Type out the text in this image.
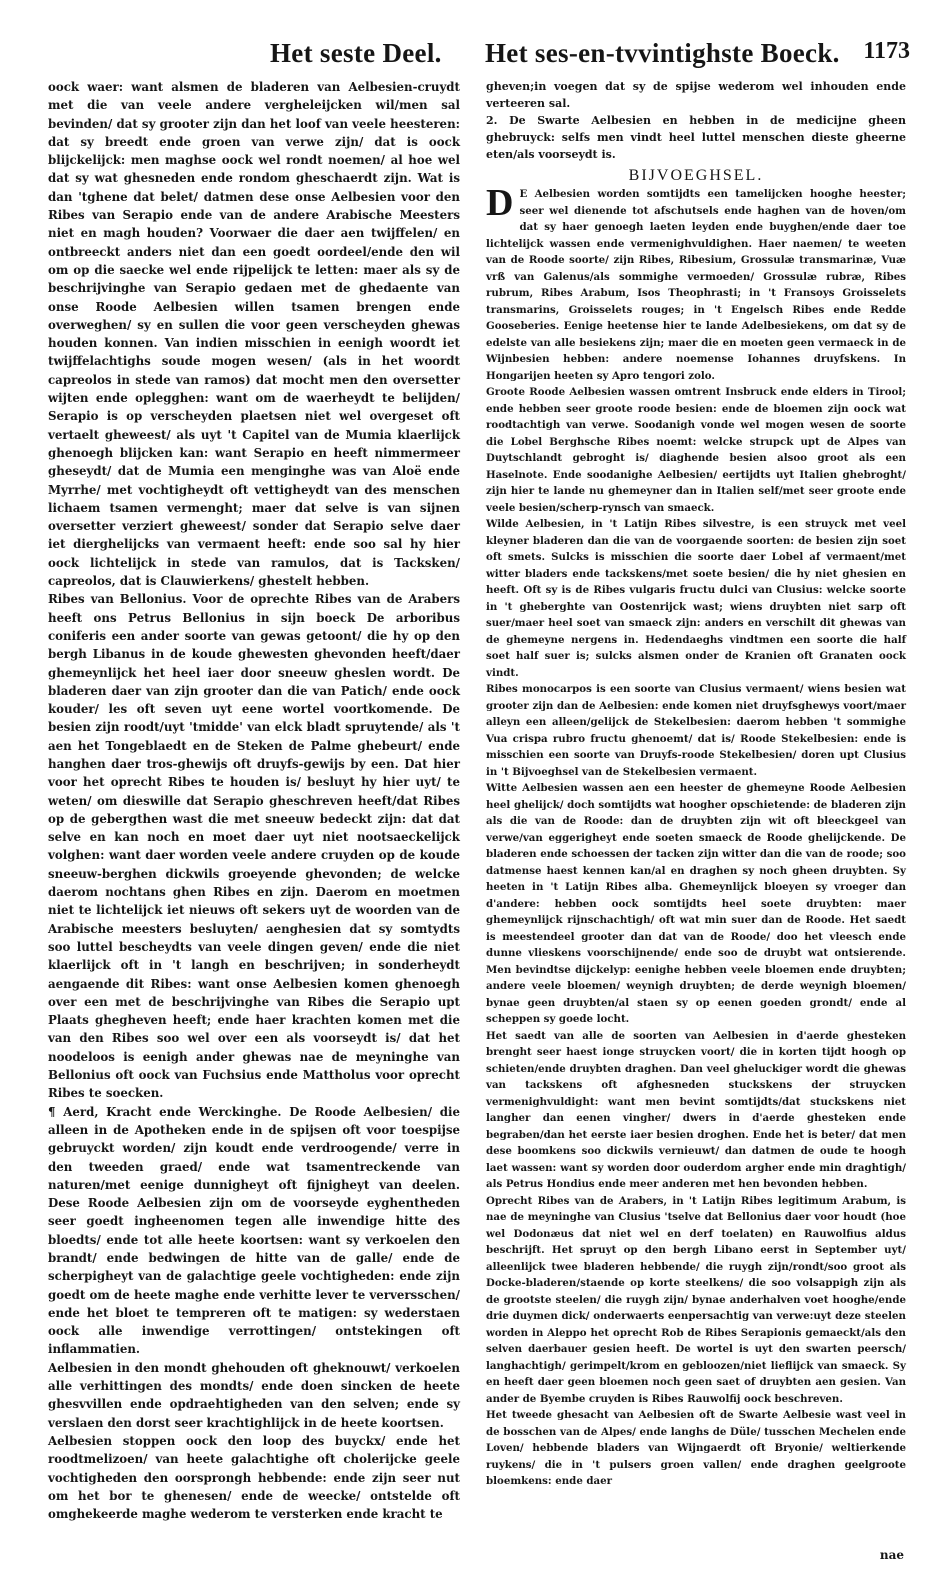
Het seste Deel. Het ses-en-tvvintighste Boeck. 1173

oock waer: want alsmen de bladeren van Aelbesien-cruydt met die van veele andere vergheleijcken wil/men sal bevinden/ dat sy grooter zijn dan het loof van veele heesteren: dat sy breedt ende groen van verwe zijn/ dat is oock blijckelijck: men maghse oock wel rondt noemen/ al hoe wel dat sy wat ghesneden ende rondom gheschaerdt zijn. Wat is dan 'tghene dat belet/ datmen dese onse Aelbesien voor den Ribes van Serapio ende van de andere Arabische Meesters niet en magh houden? Voorwaer die daer aen twijffelen/ en ontbreeckt anders niet dan een goedt oordeel/ende den wil om op die saecke wel ende rijpelijck te letten: maer als sy de beschrijvinghe van Serapio gedaen met de ghedaente van onse Roode Aelbesien willen tsamen brengen ende overweghen/ sy en sullen die voor geen verscheyden ghewas houden konnen. Van indien misschien in eenigh woordt iet twijffelachtighs soude mogen wesen/ (als in het woordt capreolos in stede van ramos) dat mocht men den oversetter wijten ende oplegghen: want om de waerheydt te belijden/ Serapio is op verscheyden plaetsen niet wel overgeset oft vertaelt gheweest/ als uyt 't Capitel van de Mumia klaerlijck ghenoegh blijcken kan: want Serapio en heeft nimmermeer gheseydt/ dat de Mumia een menginghe was van Aloë ende Myrrhe/ met vochtigheydt oft vettigheydt van des menschen lichaem tsamen vermenght; maer dat selve is van sijnen oversetter verziert gheweest/ sonder dat Serapio selve daer iet dierghelijcks van vermaent heeft: ende soo sal hy hier oock lichtelijck in stede van ramulos, dat is Tacksken/ capreolos, dat is Clauwierkens/ ghestelt hebben.

Ribes van Bellonius. Voor de oprechte Ribes van de Arabers heeft ons Petrus Bellonius in sijn boeck De arboribus coniferis een ander soorte van gewas getoont/ die hy op den bergh Libanus in de koude ghewesten ghevonden heeft/daer ghemeynlijck het heel iaer door sneeuw gheslen wordt. De bladeren daer van zijn grooter dan die van Patich/ ende oock kouder/ les oft seven uyt eene wortel voortkomende. De besien zijn roodt/uyt 'tmidde' van elck bladt spruytende/ als 't aen het Tongeblaedt en de Steken de Palme ghebeurt/ ende hanghen daer tros-ghewijs oft druyfs-gewijs by een. Dat hier voor het oprecht Ribes te houden is/ besluyt hy hier uyt/ te weten/ om dieswille dat Serapio gheschreven heeft/dat Ribes op de gebergthen wast die met sneeuw bedeckt zijn: dat dat selve en kan noch en moet daer uyt niet nootsaeckelijck volghen: want daer worden veele andere cruyden op de koude sneeuw-berghen dickwils groeyende ghevonden; de welcke daerom nochtans ghen Ribes en zijn. Daerom en moetmen niet te lichtelijck iet nieuws oft sekers uyt de woorden van de Arabische meesters besluyten/ aenghesien dat sy somtydts soo luttel bescheydts van veele dingen geven/ ende die niet klaerlijck oft in 't langh en beschrijven; in sonderheydt aengaende dit Ribes: want onse Aelbesien komen ghenoegh over een met de beschrijvinghe van Ribes die Serapio upt Plaats ghegheven heeft; ende haer krachten komen met die van den Ribes soo wel over een als voorseydt is/ dat het noodeloos is eenigh ander ghewas nae de meyninghe van Bellonius oft oock van Fuchsius ende Mattholus voor oprecht Ribes te soecken.

¶ Aerd, Kracht ende Werckinghe. De Roode Aelbesien/ die alleen in de Apotheken ende in de spijsen oft voor toespijse gebruyckt worden/ zijn koudt ende verdroogende/ verre in den tweeden graed/ ende wat tsamentreckende van naturen/met eenige dunnigheyt oft fijnigheyt van deelen. Dese Roode Aelbesien zijn om de voorseyde eyghentheden seer goedt ingheenomen tegen alle inwendige hitte des bloedts/ ende tot alle heete koortsen: want sy verkoelen den brandt/ ende bedwingen de hitte van de galle/ ende de scherpigheyt van de galachtige geele vochtigheden: ende zijn goedt om de heete maghe ende verhitte lever te verversschen/ ende het bloet te tempreren oft te matigen: sy wederstaen oock alle inwendige verrottingen/ ontstekingen oft inflammatien.

Aelbesien in den mondt ghehouden oft gheknouwt/ verkoelen alle verhittingen des mondts/ ende doen sincken de heete ghesvvillen ende opdraehtigheden van den selven; ende sy verslaen den dorst seer krachtighlijck in de heete koortsen.

Aelbesien stoppen oock den loop des buyckx/ ende het roodtmelizoen/ van heete galachtighe oft cholerijcke geele vochtigheden den oorsprongh hebbende: ende zijn seer nut om het bor te ghenesen/ ende de weecke/ ontstelde oft omghekeerde maghe wederom te versterken ende kracht te

gheven;in voegen dat sy de spijse wederom wel inhouden ende verteeren sal.

2. De Swarte Aelbesien en hebben in de medicijne gheen ghebruyck: selfs men vindt heel luttel menschen dieste gheerne eten/als voorseydt is.

BIJVOEGHSEL.

D E Aelbesien worden somtijdts een tamelijcken hooghe heester; seer wel dienende tot afschutsels ende haghen van de hoven/om dat sy haer genoegh laeten leyden ende buyghen/ende daer toe lichtelijck wassen ende vermenighvuldighen. Haer naemen/ te weeten van de Roode soorte/ zijn Ribes, Ribesium, Grossulæ transmarinæ, Vuæ vrß van Galenus/als sommighe vermoeden/ Grossulæ rubræ, Ribes rubrum, Ribes Arabum, Isos Theophrasti; in 't Fransoys Groisselets transmarins, Groisselets rouges; in 't Engelsch Ribes ende Redde Gooseberies. Eenige heetense hier te lande Adelbesiekens, om dat sy de edelste van alle besiekens zijn; maer die en moeten geen vermaeck in de Wijnbesien hebben: andere noemense Iohannes druyfskens. In Hongarijen heeten sy Apro tengori zolo.

Groote Roode Aelbesien wassen omtrent Insbruck ende elders in Tirool; ende hebben seer groote roode besien: ende de bloemen zijn oock wat roodtachtigh van verwe. Soodanigh vonde wel mogen wesen de soorte die Lobel Berghsche Ribes noemt: welcke strupck upt de Alpes van Duytschlandt gebroght is/ diaghende besien alsoo groot als een Haselnote. Ende soodanighe Aelbesien/ eertijdts uyt Italien ghebroght/ zijn hier te lande nu ghemeyner dan in Italien self/met seer groote ende veele besien/scherp-rynsch van smaeck.

Wilde Aelbesien, in 't Latijn Ribes silvestre, is een struyck met veel kleyner bladeren dan die van de voorgaende soorten: de besien zijn soet oft smets. Sulcks is misschien die soorte daer Lobel af vermaent/met witter bladers ende tackskens/met soete besien/ die hy niet ghesien en heeft. Oft sy is de Ribes vulgaris fructu dulci van Clusius: welcke soorte in 't gheberghte van Oostenrijck wast; wiens druybten niet sarp oft suer/maer heel soet van smaeck zijn: anders en verschilt dit ghewas van de ghemeyne nergens in. Hedendaeghs vindtmen een soorte die half soet half suer is; sulcks alsmen onder de Kranien oft Granaten oock vindt.

Ribes monocarpos is een soorte van Clusius vermaent/ wiens besien wat grooter zijn dan de Aelbesien: ende komen niet druyfsghewys voort/maer alleyn een alleen/gelijck de Stekelbesien: daerom hebben 't sommighe Vua crispa rubro fructu ghenoemt/ dat is/ Roode Stekelbesien: ende is misschien een soorte van Druyfs-roode Stekelbesien/ doren upt Clusius in 't Bijvoeghsel van de Stekelbesien vermaent.

Witte Aelbesien wassen aen een heester de ghemeyne Roode Aelbesien heel ghelijck/ doch somtijdts wat hoogher opschietende: de bladeren zijn als die van de Roode: dan de druybten zijn wit oft bleeckgeel van verwe/van eggerigheyt ende soeten smaeck de Roode ghelijckende. De bladeren ende schoessen der tacken zijn witter dan die van de roode; soo datmense haest kennen kan/al en draghen sy noch gheen druybten. Sy heeten in 't Latijn Ribes alba. Ghemeynlijck bloeyen sy vroeger dan d'andere: hebben oock somtijdts heel soete druybten: maer ghemeynlijck rijnschachtigh/ oft wat min suer dan de Roode. Het saedt is meestendeel grooter dan dat van de Roode/ doo het vleesch ende dunne vlieskens voorschijnende/ ende soo de druybt wat ontsierende. Men bevindtse dijckelyp: eenighe hebben veele bloemen ende druybten; andere veele bloemen/ weynigh druybten; de derde weynigh bloemen/ bynae geen druybten/al staen sy op eenen goeden grondt/ ende al scheppen sy goede locht.

Het saedt van alle de soorten van Aelbesien in d'aerde ghesteken brenght seer haest ionge struycken voort/ die in korten tijdt hoogh op schieten/ende druybten draghen. Dan veel gheluckiger wordt die ghewas van tackskens oft afghesneden stuckskens der struycken vermenighvuldight: want men bevint somtijdts/dat stuckskens niet langher dan eenen vingher/ dwers in d'aerde ghesteken ende begraben/dan het eerste iaer besien droghen. Ende het is beter/ dat men dese boomkens soo dickwils vernieuwt/ dan datmen de oude te hoogh laet wassen: want sy worden door ouderdom argher ende min draghtigh/ als Petrus Hondius ende meer anderen met hen bevonden hebben.

Oprecht Ribes van de Arabers, in 't Latijn Ribes legitimum Arabum, is nae de meyninghe van Clusius 'tselve dat Bellonius daer voor houdt (hoe wel Dodonæus dat niet wel en derf toelaten) en Rauwolfius aldus beschrijft. Het spruyt op den bergh Libano eerst in September uyt/ alleenlijck twee bladeren hebbende/ die ruygh zijn/rondt/soo groot als Docke-bladeren/staende op korte steelkens/ die soo volsappigh zijn als de grootste steelen/ die ruygh zijn/ bynae anderhalven voet hooghe/ende drie duymen dick/ onderwaerts eenpersachtig van verwe:uyt deze steelen worden in Aleppo het oprecht Rob de Ribes Serapionis gemaeckt/als den selven daerbauer gesien heeft. De wortel is uyt den swarten peersch/ langhachtigh/ gerimpelt/krom en gebloozen/niet lieflijck van smaeck. Sy en heeft daer geen bloemen noch geen saet of druybten aen gesien. Van ander de Byembe cruyden is Ribes Rauwolfij oock beschreven.

Het tweede ghesacht van Aelbesien oft de Swarte Aelbesie wast veel in de bosschen van de Alpes/ ende langhs de Düle/ tusschen Mechelen ende Loven/ hebbende bladers van Wijngaerdt oft Bryonie/ weltierkende ruykens/ die in 't pulsers groen vallen/ ende draghen geelgroote bloemkens: ende daer

nae
